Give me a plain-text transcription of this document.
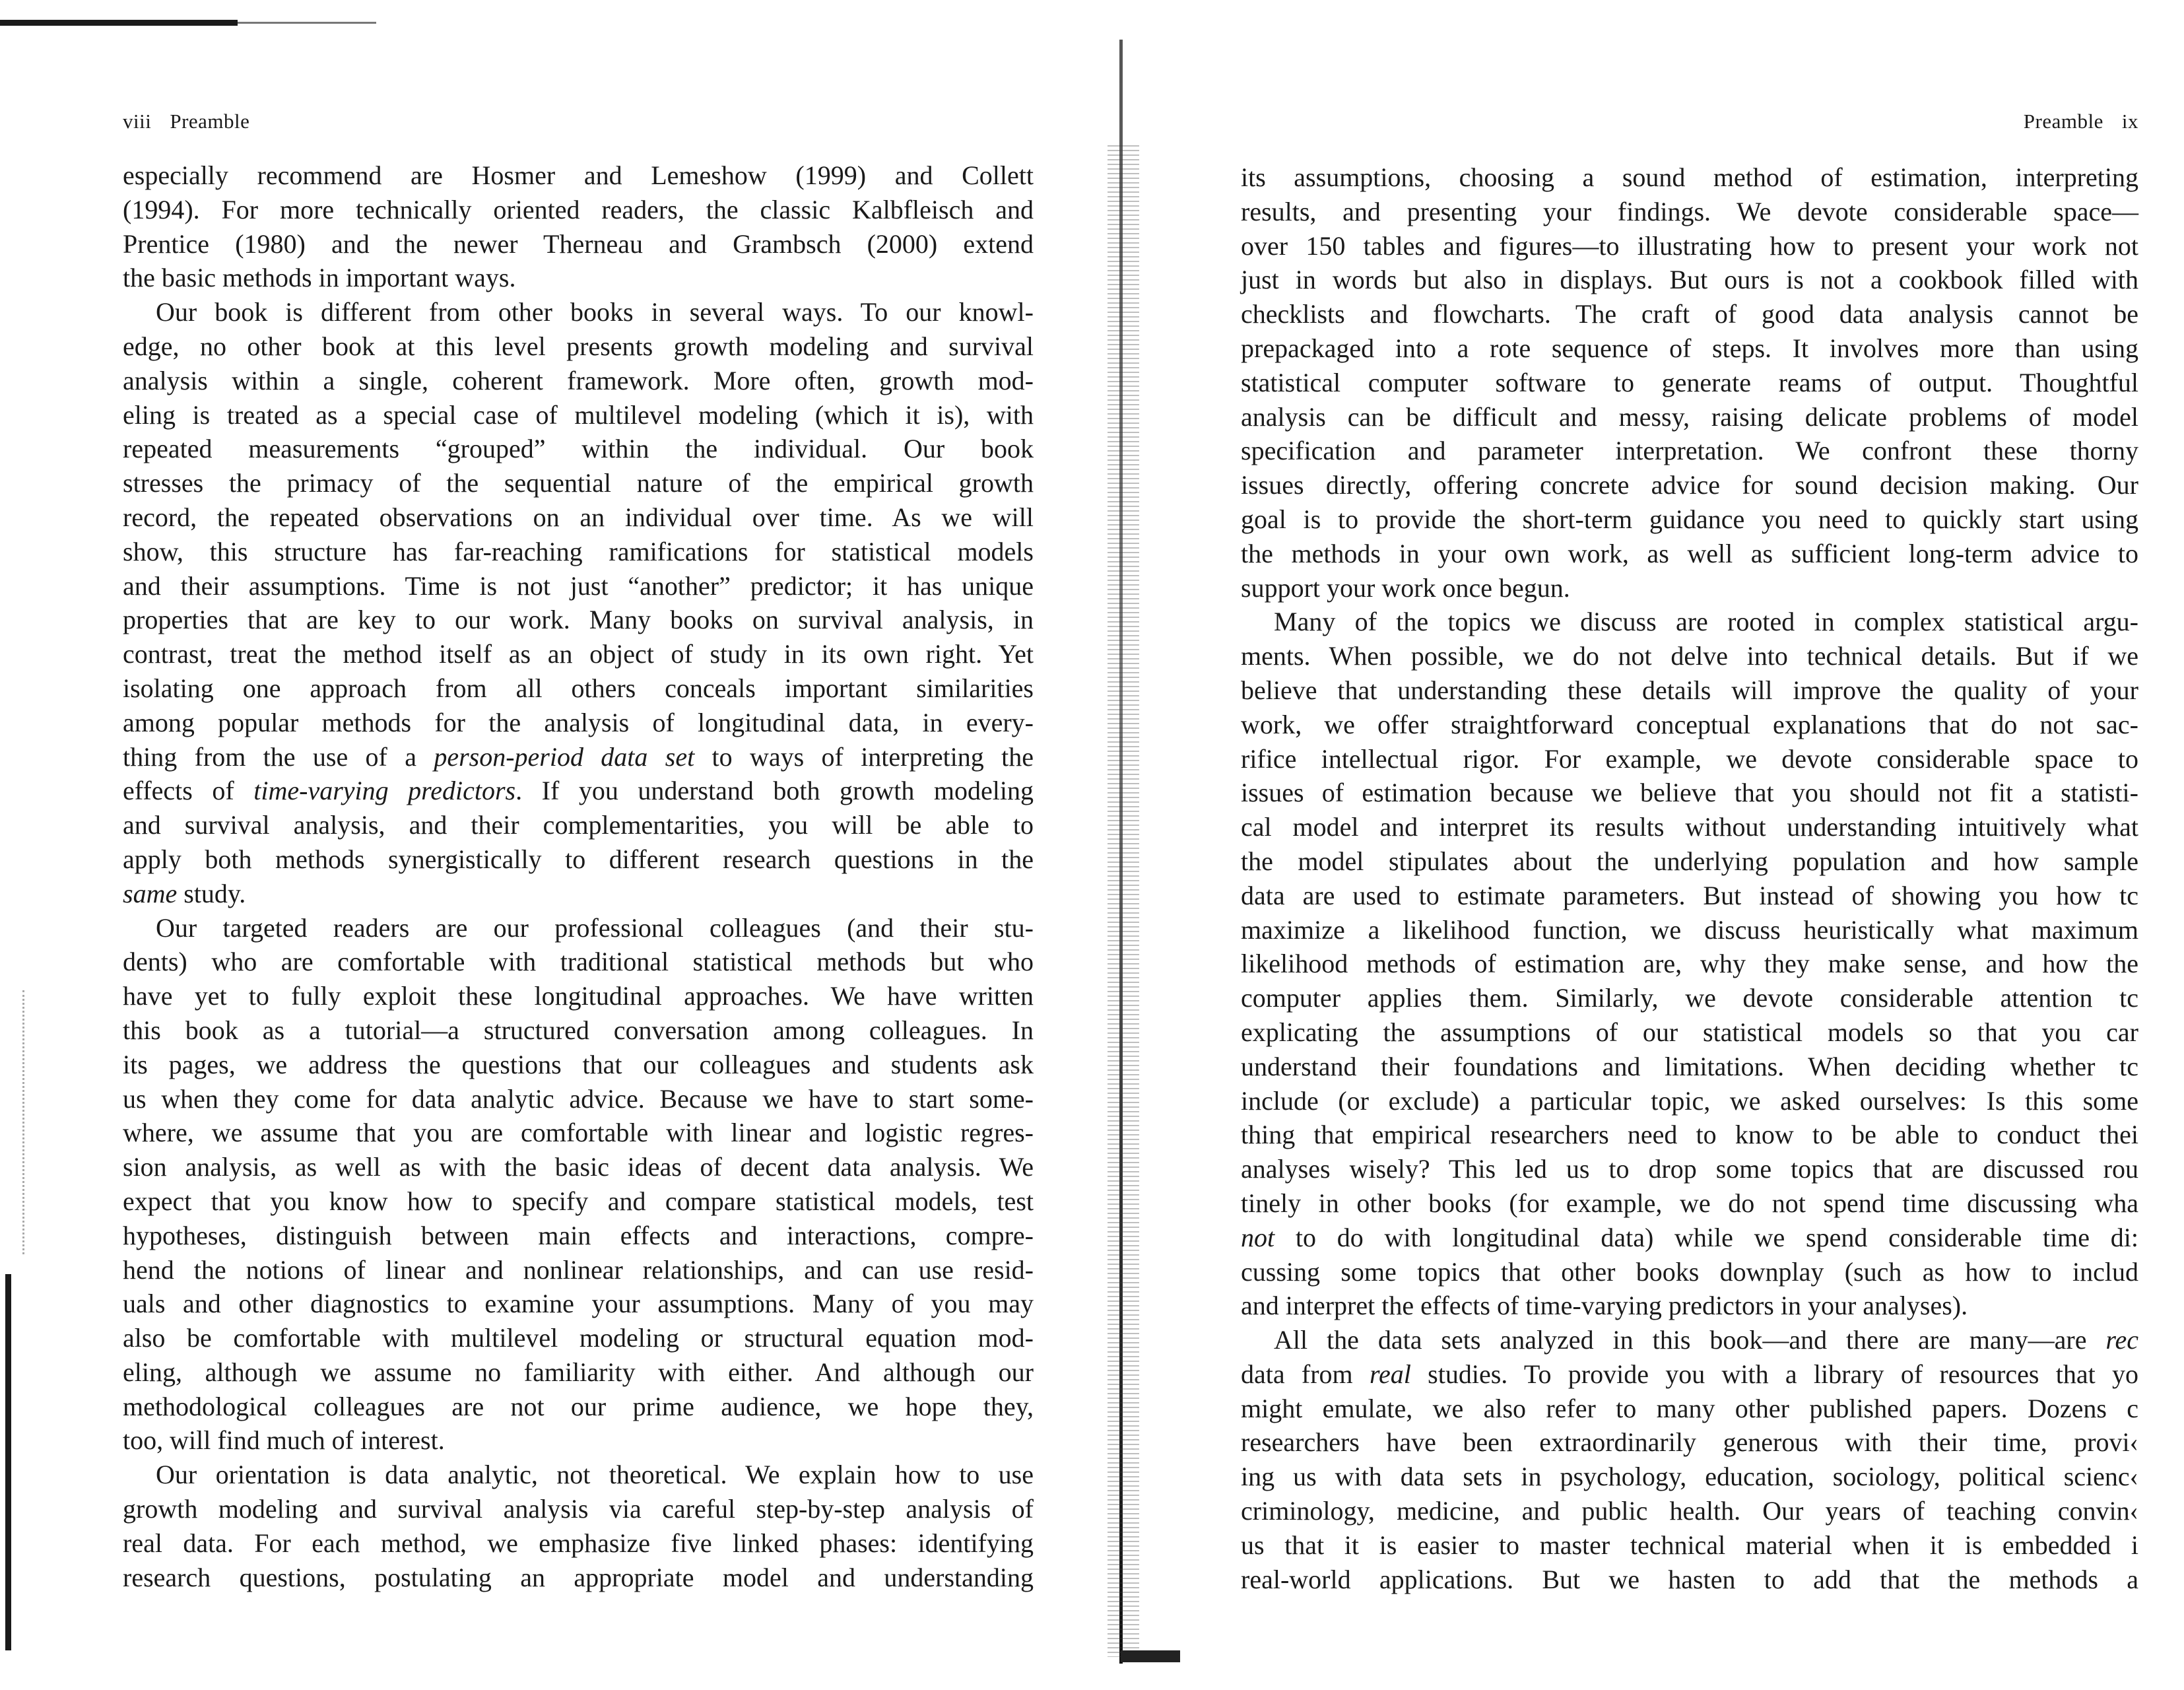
viii Preamble
especially recommend are Hosmer and Lemeshow (1999) and Collett
(1994). For more technically oriented readers, the classic Kalbfleisch and
Prentice (1980) and the newer Therneau and Grambsch (2000) extend
the basic methods in important ways.
Our book is different from other books in several ways. To our knowl-
edge, no other book at this level presents growth modeling and survival
analysis within a single, coherent framework. More often, growth mod-
eling is treated as a special case of multilevel modeling (which it is), with
repeated measurements “grouped” within the individual. Our book
stresses the primacy of the sequential nature of the empirical growth
record, the repeated observations on an individual over time. As we will
show, this structure has far-reaching ramifications for statistical models
and their assumptions. Time is not just “another” predictor; it has unique
properties that are key to our work. Many books on survival analysis, in
contrast, treat the method itself as an object of study in its own right. Yet
isolating one approach from all others conceals important similarities
among popular methods for the analysis of longitudinal data, in every-
thing from the use of a person-period data set to ways of interpreting the
effects of time-varying predictors. If you understand both growth modeling
and survival analysis, and their complementarities, you will be able to
apply both methods synergistically to different research questions in the
same study.
Our targeted readers are our professional colleagues (and their stu-
dents) who are comfortable with traditional statistical methods but who
have yet to fully exploit these longitudinal approaches. We have written
this book as a tutorial—a structured conversation among colleagues. In
its pages, we address the questions that our colleagues and students ask
us when they come for data analytic advice. Because we have to start some-
where, we assume that you are comfortable with linear and logistic regres-
sion analysis, as well as with the basic ideas of decent data analysis. We
expect that you know how to specify and compare statistical models, test
hypotheses, distinguish between main effects and interactions, compre-
hend the notions of linear and nonlinear relationships, and can use resid-
uals and other diagnostics to examine your assumptions. Many of you may
also be comfortable with multilevel modeling or structural equation mod-
eling, although we assume no familiarity with either. And although our
methodological colleagues are not our prime audience, we hope they,
too, will find much of interest.
Our orientation is data analytic, not theoretical. We explain how to use
growth modeling and survival analysis via careful step-by-step analysis of
real data. For each method, we emphasize five linked phases: identifying
research questions, postulating an appropriate model and understanding
Preamble ix
its assumptions, choosing a sound method of estimation, interpreting
results, and presenting your findings. We devote considerable space—
over 150 tables and figures—to illustrating how to present your work not
just in words but also in displays. But ours is not a cookbook filled with
checklists and flowcharts. The craft of good data analysis cannot be
prepackaged into a rote sequence of steps. It involves more than using
statistical computer software to generate reams of output. Thoughtful
analysis can be difficult and messy, raising delicate problems of model
specification and parameter interpretation. We confront these thorny
issues directly, offering concrete advice for sound decision making. Our
goal is to provide the short-term guidance you need to quickly start using
the methods in your own work, as well as sufficient long-term advice to
support your work once begun.
Many of the topics we discuss are rooted in complex statistical argu-
ments. When possible, we do not delve into technical details. But if we
believe that understanding these details will improve the quality of your
work, we offer straightforward conceptual explanations that do not sac-
rifice intellectual rigor. For example, we devote considerable space to
issues of estimation because we believe that you should not fit a statisti-
cal model and interpret its results without understanding intuitively what
the model stipulates about the underlying population and how sample
data are used to estimate parameters. But instead of showing you how tc
maximize a likelihood function, we discuss heuristically what maximum
likelihood methods of estimation are, why they make sense, and how the
computer applies them. Similarly, we devote considerable attention tc
explicating the assumptions of our statistical models so that you car
understand their foundations and limitations. When deciding whether tc
include (or exclude) a particular topic, we asked ourselves: Is this some
thing that empirical researchers need to know to be able to conduct thei
analyses wisely? This led us to drop some topics that are discussed rou
tinely in other books (for example, we do not spend time discussing wha
not to do with longitudinal data) while we spend considerable time di:
cussing some topics that other books downplay (such as how to includ
and interpret the effects of time-varying predictors in your analyses).
All the data sets analyzed in this book—and there are many—are rec
data from real studies. To provide you with a library of resources that yo
might emulate, we also refer to many other published papers. Dozens c
researchers have been extraordinarily generous with their time, provi‹
ing us with data sets in psychology, education, sociology, political scienc‹
criminology, medicine, and public health. Our years of teaching convin‹
us that it is easier to master technical material when it is embedded i
real-world applications. But we hasten to add that the methods a
